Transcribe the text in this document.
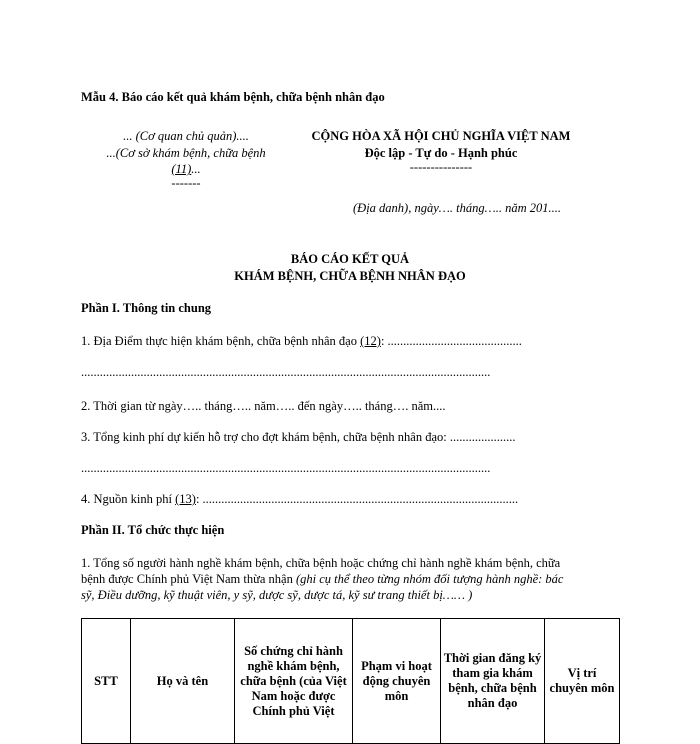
Mẫu 4. Báo cáo kết quả khám bệnh, chữa bệnh nhân đạo
... (Cơ quan chủ quản)....
...(Cơ sở khám bệnh, chữa bệnh
(11)...
-------
CỘNG HÒA XÃ HỘI CHỦ NGHĨA VIỆT NAM
Độc lập - Tự do - Hạnh phúc
---------------
(Địa danh), ngày…. tháng….. năm 201....
BÁO CÁO KẾT QUẢ
KHÁM BỆNH, CHỮA BỆNH NHÂN ĐẠO
Phần I. Thông tin chung
1. Địa Điểm thực hiện khám bệnh, chữa bệnh nhân đạo (12): ...........................................
...................................................................................................................................
2. Thời gian từ ngày….. tháng….. năm….. đến ngày….. tháng…. năm....
3. Tổng kinh phí dự kiến hỗ trợ cho đợt khám bệnh, chữa bệnh nhân đạo: .....................
...................................................................................................................................
4. Nguồn kinh phí (13): .....................................................................................................
Phần II. Tổ chức thực hiện
1. Tổng số người hành nghề khám bệnh, chữa bệnh hoặc chứng chỉ hành nghề khám bệnh, chữa
bệnh được Chính phủ Việt Nam thừa nhận (ghi cụ thể theo từng nhóm đối tượng hành nghề: bác
sỹ, Điều dưỡng, kỹ thuật viên, y sỹ, dược sỹ, dược tá, kỹ sư trang thiết bị…… )
STT	Họ và tên	Số chứng chỉ hành nghề khám bệnh, chữa bệnh (của Việt Nam hoặc được Chính phủ Việt	Phạm vi hoạt động chuyên môn	Thời gian đăng ký tham gia khám bệnh, chữa bệnh nhân đạo	Vị trí chuyên môn
